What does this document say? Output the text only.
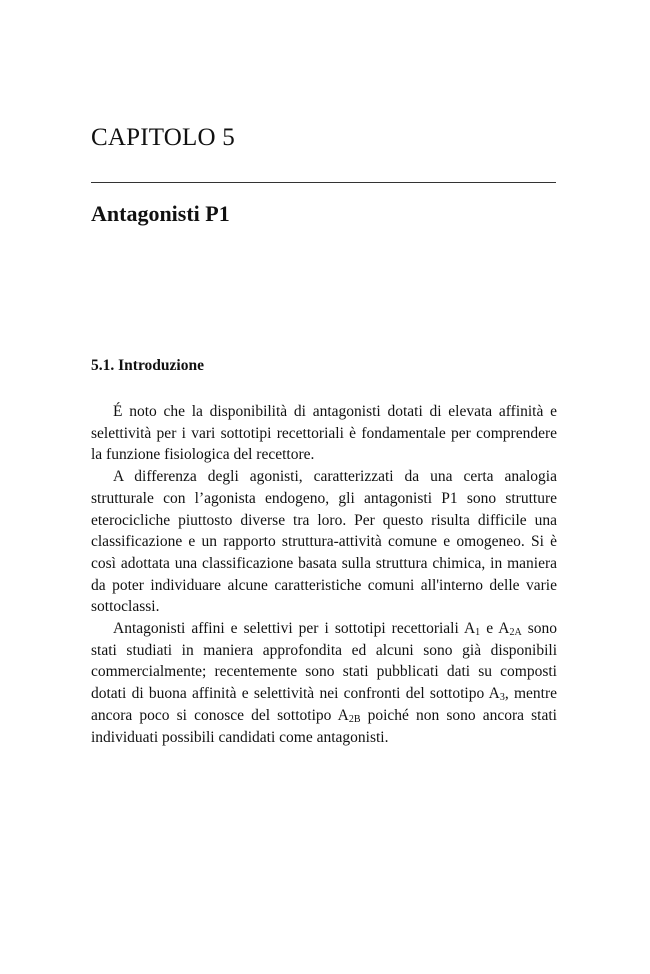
CAPITOLO 5
Antagonisti P1
5.1. Introduzione

É noto che la disponibilità di antagonisti dotati di elevata affinità e selettività per i vari sottotipi recettoriali è fondamentale per comprendere la funzione fisiologica del recettore.

A differenza degli agonisti, caratterizzati da una certa analogia strutturale con l’agonista endogeno, gli antagonisti P1 sono strutture eterocicliche piuttosto diverse tra loro. Per questo risulta difficile una classificazione e un rapporto struttura-attività comune e omogeneo. Si è così adottata una classificazione basata sulla struttura chimica, in maniera da poter individuare alcune caratteristiche comuni all'interno delle varie sottoclassi.

Antagonisti affini e selettivi per i sottotipi recettoriali $A_1$ e $A_{2A}$ sono stati studiati in maniera approfondita ed alcuni sono già disponibili commercialmente; recentemente sono stati pubblicati dati su composti dotati di buona affinità e selettività nei confronti del sottotipo $A_3$, mentre ancora poco si conosce del sottotipo $A_{2B}$ poiché non sono ancora stati individuati possibili candidati come antagonisti.
